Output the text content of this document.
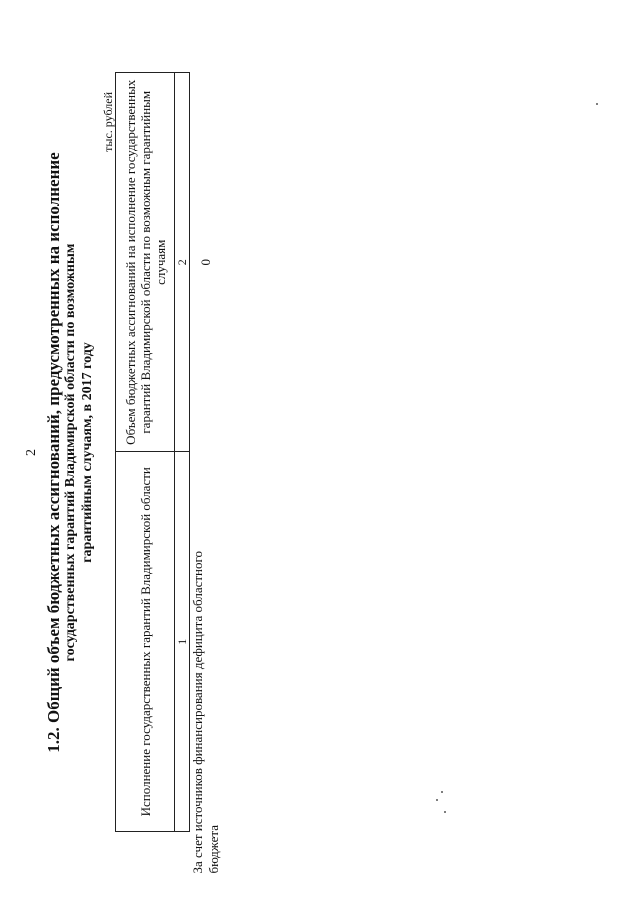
2 1.2. Общий объем бюджетных ассигнований, предусмотренных на исполнение государственных гарантий Владимирской области по возможным гарантийным случаям, в 2017 году
тыс. рублей
Исполнение государственных гарантий Владимирской области	Объем бюджетных ассигнований на исполнение государственных гарантий Владимирской области по возможным гарантийным случаям
1	2
За счет источников финансирования дефицита областного бюджета	0
